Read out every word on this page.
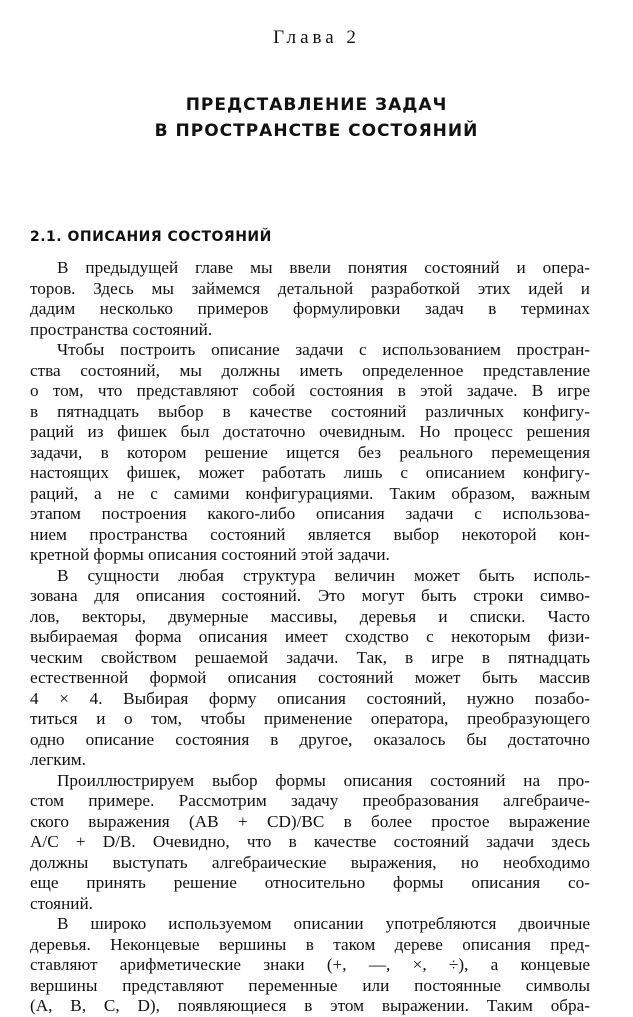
Глава 2
ПРЕДСТАВЛЕНИЕ ЗАДАЧ
В ПРОСТРАНСТВЕ СОСТОЯНИЙ
2.1. ОПИСАНИЯ СОСТОЯНИЙ
В предыдущей главе мы ввели понятия состояний и опера-
торов. Здесь мы займемся детальной разработкой этих идей и
дадим несколько примеров формулировки задач в терминах
пространства состояний.
Чтобы построить описание задачи с использованием простран-
ства состояний, мы должны иметь определенное представление
о том, что представляют собой состояния в этой задаче. В игре
в пятнадцать выбор в качестве состояний различных конфигу-
раций из фишек был достаточно очевидным. Но процесс решения
задачи, в котором решение ищется без реального перемещения
настоящих фишек, может работать лишь с описанием конфигу-
раций, а не с самими конфигурациями. Таким образом, важным
этапом построения какого-либо описания задачи с использова-
нием пространства состояний является выбор некоторой кон-
кретной формы описания состояний этой задачи.
В сущности любая структура величин может быть исполь-
зована для описания состояний. Это могут быть строки симво-
лов, векторы, двумерные массивы, деревья и списки. Часто
выбираемая форма описания имеет сходство с некоторым физи-
ческим свойством решаемой задачи. Так, в игре в пятнадцать
естественной формой описания состояний может быть массив
4 × 4. Выбирая форму описания состояний, нужно позабо-
титься и о том, чтобы применение оператора, преобразующего
одно описание состояния в другое, оказалось бы достаточно
легким.
Проиллюстрируем выбор формы описания состояний на про-
стом примере. Рассмотрим задачу преобразования алгебраиче-
ского выражения (AB + CD)/BC в более простое выражение
A/C + D/B. Очевидно, что в качестве состояний задачи здесь
должны выступать алгебраические выражения, но необходимо
еще принять решение относительно формы описания со-
стояний.
В широко используемом описании употребляются двоичные
деревья. Неконцевые вершины в таком дереве описания пред-
ставляют арифметические знаки (+, —, ×, ÷), а концевые
вершины представляют переменные или постоянные символы
(A, B, C, D), появляющиеся в этом выражении. Таким обра-
